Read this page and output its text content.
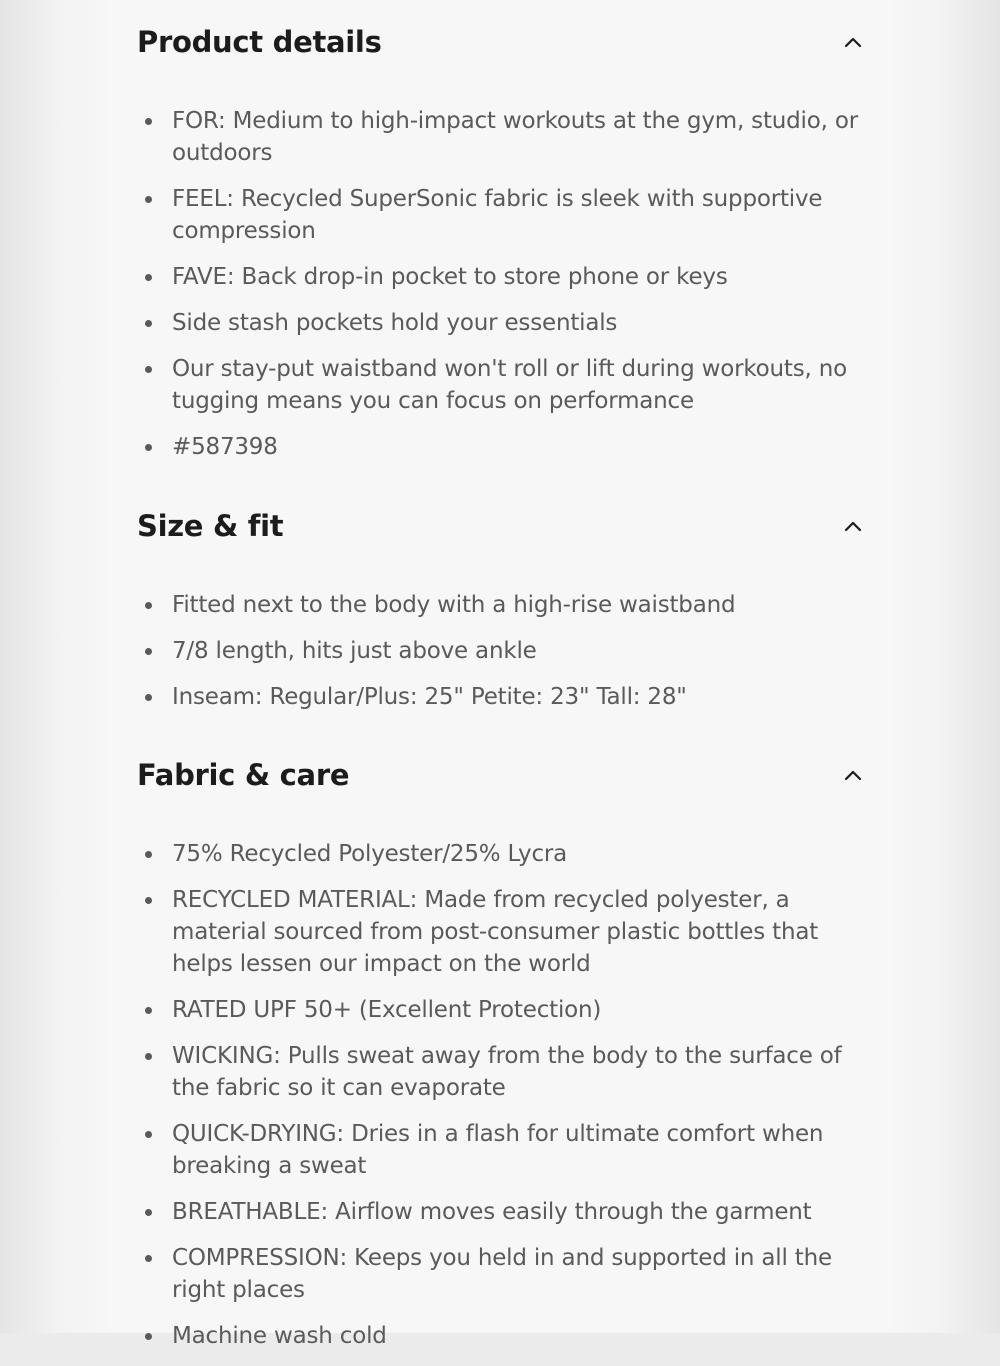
Product details
FOR: Medium to high-impact workouts at the gym, studio, or outdoors
FEEL: Recycled SuperSonic fabric is sleek with supportive compression
FAVE: Back drop-in pocket to store phone or keys
Side stash pockets hold your essentials
Our stay-put waistband won't roll or lift during workouts, no tugging means you can focus on performance
#587398
Size & fit
Fitted next to the body with a high-rise waistband
7/8 length, hits just above ankle
Inseam: Regular/Plus: 25" Petite: 23" Tall: 28"
Fabric & care
75% Recycled Polyester/25% Lycra
RECYCLED MATERIAL: Made from recycled polyester, a material sourced from post-consumer plastic bottles that helps lessen our impact on the world
RATED UPF 50+ (Excellent Protection)
WICKING: Pulls sweat away from the body to the surface of the fabric so it can evaporate
QUICK-DRYING: Dries in a flash for ultimate comfort when breaking a sweat
BREATHABLE: Airflow moves easily through the garment
COMPRESSION: Keeps you held in and supported in all the right places
Machine wash cold
